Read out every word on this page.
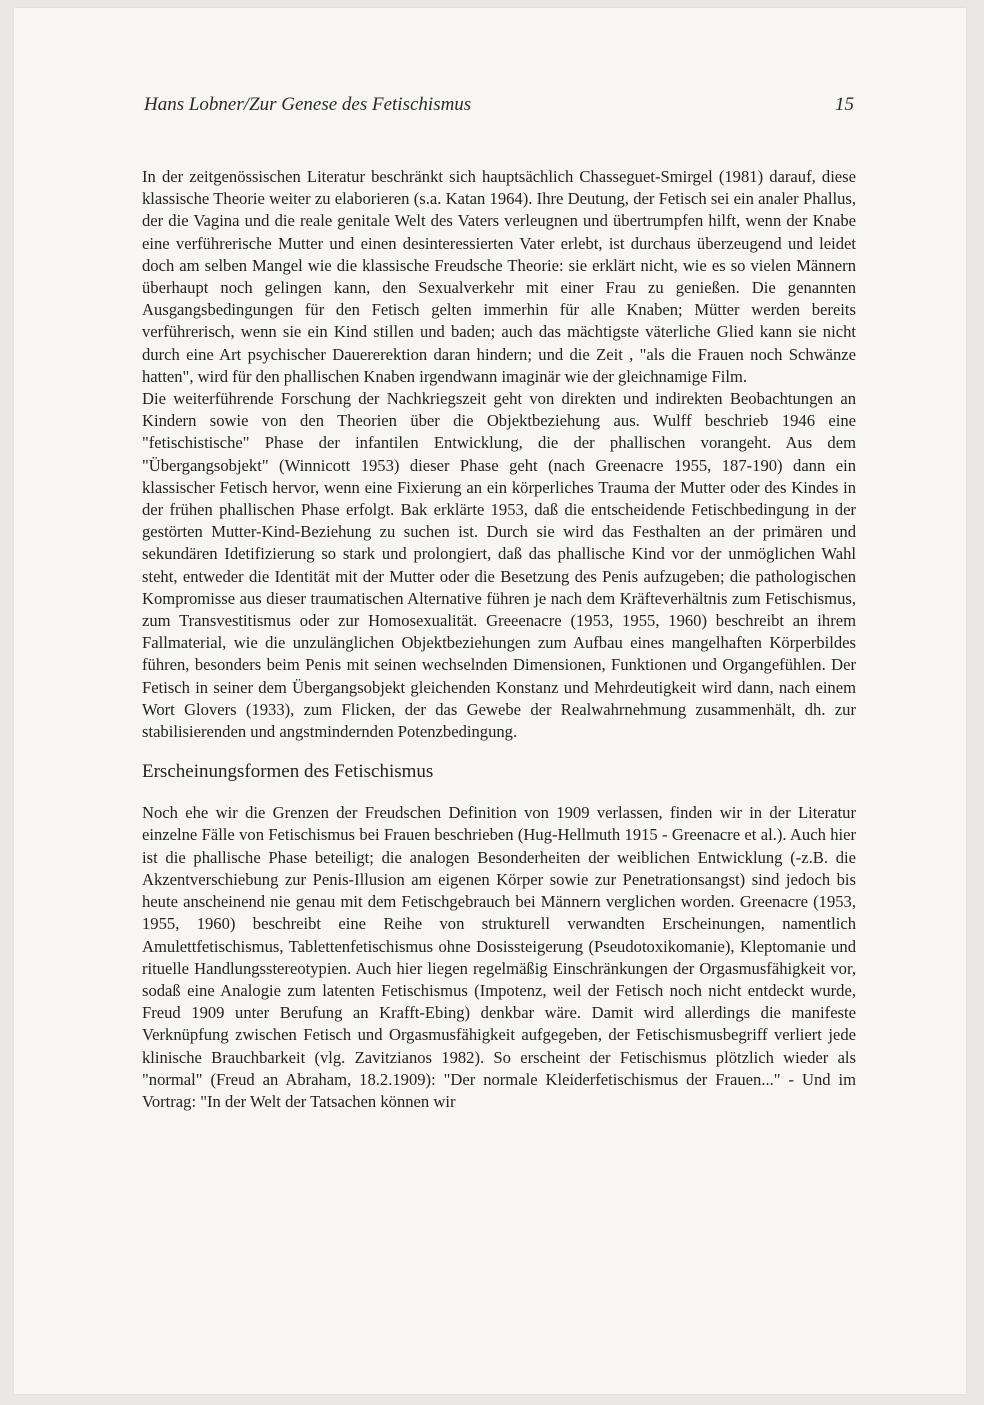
Hans Lobner/Zur Genese des Fetischismus	15

In der zeitgenössischen Literatur beschränkt sich hauptsächlich Chasseguet-Smirgel (1981) darauf, diese klassische Theorie weiter zu elaborieren (s.a. Katan 1964). Ihre Deutung, der Fetisch sei ein analer Phallus, der die Vagina und die reale genitale Welt des Vaters verleugnen und übertrumpfen hilft, wenn der Knabe eine verführerische Mutter und einen desinteressierten Vater erlebt, ist durchaus überzeugend und leidet doch am selben Mangel wie die klassische Freudsche Theorie: sie erklärt nicht, wie es so vielen Männern überhaupt noch gelingen kann, den Sexualverkehr mit einer Frau zu genießen. Die genannten Ausgangsbedingungen für den Fetisch gelten immerhin für alle Knaben; Mütter werden bereits verführerisch, wenn sie ein Kind stillen und baden; auch das mächtigste väterliche Glied kann sie nicht durch eine Art psychischer Dauererektion daran hindern; und die Zeit , "als die Frauen noch Schwänze hatten", wird für den phallischen Knaben irgendwann imaginär wie der gleichnamige Film.

Die weiterführende Forschung der Nachkriegszeit geht von direkten und indirekten Beobachtungen an Kindern sowie von den Theorien über die Objektbeziehung aus. Wulff beschrieb 1946 eine "fetischistische" Phase der infantilen Entwicklung, die der phallischen vorangeht. Aus dem "Übergangsobjekt" (Winnicott 1953) dieser Phase geht (nach Greenacre 1955, 187-190) dann ein klassischer Fetisch hervor, wenn eine Fixierung an ein körperliches Trauma der Mutter oder des Kindes in der frühen phallischen Phase erfolgt. Bak erklärte 1953, daß die entscheidende Fetischbedingung in der gestörten Mutter-Kind-Beziehung zu suchen ist. Durch sie wird das Festhalten an der primären und sekundären Idetifizierung so stark und prolongiert, daß das phallische Kind vor der unmöglichen Wahl steht, entweder die Identität mit der Mutter oder die Besetzung des Penis aufzugeben; die pathologischen Kompromisse aus dieser traumatischen Alternative führen je nach dem Kräfteverhältnis zum Fetischismus, zum Transvestitismus oder zur Homosexualität. Greeenacre (1953, 1955, 1960) beschreibt an ihrem Fallmaterial, wie die unzulänglichen Objektbeziehungen zum Aufbau eines mangelhaften Körperbildes führen, besonders beim Penis mit seinen wechselnden Dimensionen, Funktionen und Organgefühlen. Der Fetisch in seiner dem Übergangsobjekt gleichenden Konstanz und Mehrdeutigkeit wird dann, nach einem Wort Glovers (1933), zum Flicken, der das Gewebe der Realwahrnehmung zusammenhält, dh. zur stabilisierenden und angstmindernden Potenzbedingung.

Erscheinungsformen des Fetischismus

Noch ehe wir die Grenzen der Freudschen Definition von 1909 verlassen, finden wir in der Literatur einzelne Fälle von Fetischismus bei Frauen beschrieben (Hug-Hellmuth 1915 - Greenacre et al.). Auch hier ist die phallische Phase beteiligt; die analogen Besonderheiten der weiblichen Entwicklung (-z.B. die Akzentverschiebung zur Penis-Illusion am eigenen Körper sowie zur Penetrationsangst) sind jedoch bis heute anscheinend nie genau mit dem Fetischgebrauch bei Männern verglichen worden. Greenacre (1953, 1955, 1960) beschreibt eine Reihe von strukturell verwandten Erscheinungen, namentlich Amulettfetischismus, Tablettenfetischismus ohne Dosissteigerung (Pseudotoxikomanie), Kleptomanie und rituelle Handlungsstereotypien. Auch hier liegen regelmäßig Einschränkungen der Orgasmusfähigkeit vor, sodaß eine Analogie zum latenten Fetischismus (Impotenz, weil der Fetisch noch nicht entdeckt wurde, Freud 1909 unter Berufung an Krafft-Ebing) denkbar wäre. Damit wird allerdings die manifeste Verknüpfung zwischen Fetisch und Orgasmusfähigkeit aufgegeben, der Fetischismusbegriff verliert jede klinische Brauchbarkeit (vlg. Zavitzianos 1982). So erscheint der Fetischismus plötzlich wieder als "normal" (Freud an Abraham, 18.2.1909): "Der normale Kleiderfetischismus der Frauen..." - Und im Vortrag: "In der Welt der Tatsachen können wir
